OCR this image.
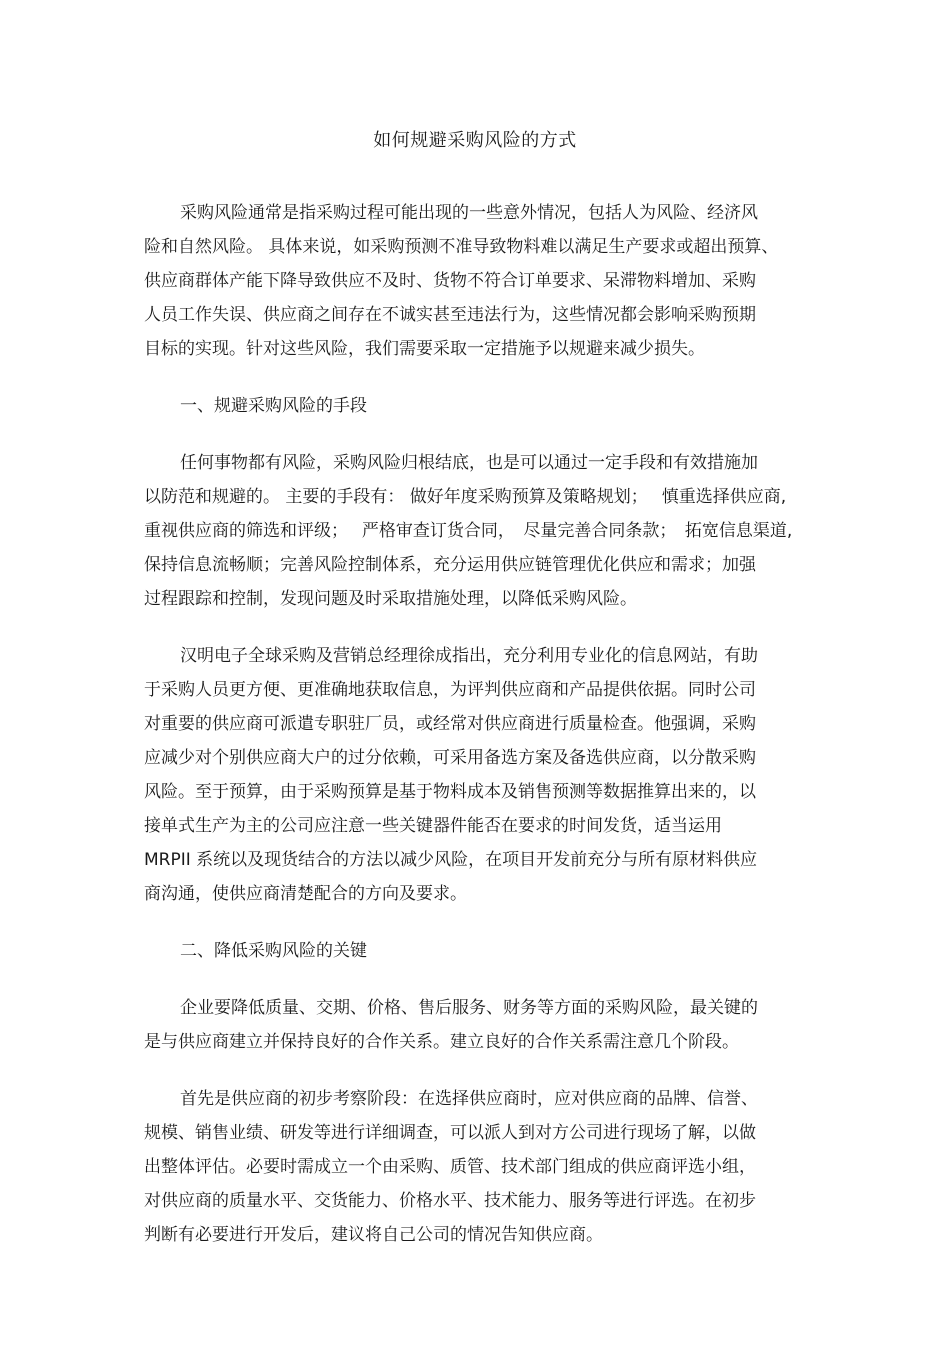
如何规避采购风险的方式
采购风险通常是指采购过程可能出现的一些意外情况，包括人为风险、经济风
险和自然风险。 具体来说，如采购预测不准导致物料难以满足生产要求或超出预算、
供应商群体产能下降导致供应不及时、货物不符合订单要求、呆滞物料增加、采购
人员工作失误、供应商之间存在不诚实甚至违法行为，这些情况都会影响采购预期
目标的实现。针对这些风险，我们需要采取一定措施予以规避来减少损失。
一、规避采购风险的手段
任何事物都有风险，采购风险归根结底，也是可以通过一定手段和有效措施加
以防范和规避的。 主要的手段有： 做好年度采购预算及策略规划；　 慎重选择供应商,
重视供应商的筛选和评级；　 严格审查订货合同，　尽量完善合同条款；　拓宽信息渠道,
保持信息流畅顺；完善风险控制体系，充分运用供应链管理优化供应和需求；加强
过程跟踪和控制，发现问题及时采取措施处理，以降低采购风险。
汉明电子全球采购及营销总经理徐成指出，充分利用专业化的信息网站，有助
于采购人员更方便、更准确地获取信息，为评判供应商和产品提供依据。同时公司
对重要的供应商可派遣专职驻厂员，或经常对供应商进行质量检查。他强调，采购
应减少对个别供应商大户的过分依赖，可采用备选方案及备选供应商，以分散采购
风险。至于预算，由于采购预算是基于物料成本及销售预测等数据推算出来的，以
接单式生产为主的公司应注意一些关键器件能否在要求的时间发货，适当运用
MRPII 系统以及现货结合的方法以减少风险，在项目开发前充分与所有原材料供应
商沟通，使供应商清楚配合的方向及要求。
二、降低采购风险的关键
企业要降低质量、交期、价格、售后服务、财务等方面的采购风险，最关键的
是与供应商建立并保持良好的合作关系。建立良好的合作关系需注意几个阶段。
首先是供应商的初步考察阶段：在选择供应商时，应对供应商的品牌、信誉、
规模、销售业绩、研发等进行详细调查，可以派人到对方公司进行现场了解，以做
出整体评估。必要时需成立一个由采购、质管、技术部门组成的供应商评选小组，
对供应商的质量水平、交货能力、价格水平、技术能力、服务等进行评选。在初步
判断有必要进行开发后，建议将自己公司的情况告知供应商。
